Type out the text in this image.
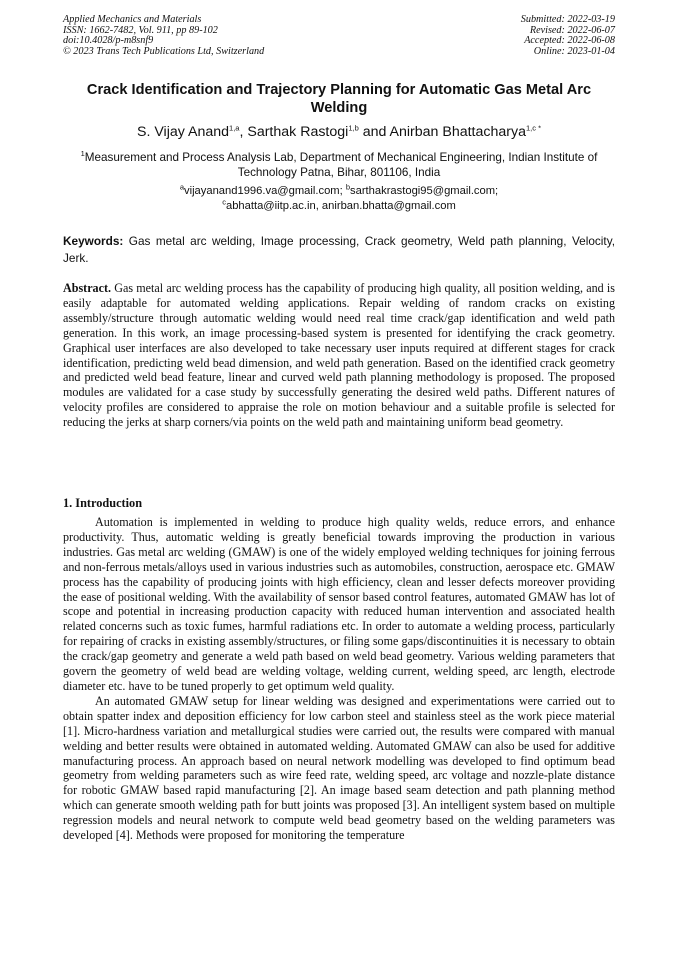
Applied Mechanics and Materials
ISSN: 1662-7482, Vol. 911, pp 89-102
doi:10.4028/p-m8snf9
© 2023 Trans Tech Publications Ltd, Switzerland
Submitted: 2022-03-19
Revised: 2022-06-07
Accepted: 2022-06-08
Online: 2023-01-04
Crack Identification and Trajectory Planning for Automatic Gas Metal Arc Welding
S. Vijay Anand$^{1,a}$, Sarthak Rastogi$^{1,b}$ and Anirban Bhattacharya$^{1,c *}$
$^1$Measurement and Process Analysis Lab, Department of Mechanical Engineering, Indian Institute of Technology Patna, Bihar, 801106, India
$^a$vijayanand1996.va@gmail.com; $^b$sarthakrastogi95@gmail.com;
$^c$abhatta@iitp.ac.in, anirban.bhatta@gmail.com
Keywords: Gas metal arc welding, Image processing, Crack geometry, Weld path planning, Velocity, Jerk.
Abstract. Gas metal arc welding process has the capability of producing high quality, all position welding, and is easily adaptable for automated welding applications. Repair welding of random cracks on existing assembly/structure through automatic welding would need real time crack/gap identification and weld path generation. In this work, an image processing-based system is presented for identifying the crack geometry. Graphical user interfaces are also developed to take necessary user inputs required at different stages for crack identification, predicting weld bead dimension, and weld path generation. Based on the identified crack geometry and predicted weld bead feature, linear and curved weld path planning methodology is proposed. The proposed modules are validated for a case study by successfully generating the desired weld paths. Different natures of velocity profiles are considered to appraise the role on motion behaviour and a suitable profile is selected for reducing the jerks at sharp corners/via points on the weld path and maintaining uniform bead geometry.
1. Introduction

Automation is implemented in welding to produce high quality welds, reduce errors, and enhance productivity. Thus, automatic welding is greatly beneficial towards improving the production in various industries. Gas metal arc welding (GMAW) is one of the widely employed welding techniques for joining ferrous and non-ferrous metals/alloys used in various industries such as automobiles, construction, aerospace etc. GMAW process has the capability of producing joints with high efficiency, clean and lesser defects moreover providing the ease of positional welding. With the availability of sensor based control features, automated GMAW has lot of scope and potential in increasing production capacity with reduced human intervention and associated health related concerns such as toxic fumes, harmful radiations etc. In order to automate a welding process, particularly for repairing of cracks in existing assembly/structures, or filing some gaps/discontinuities it is necessary to obtain the crack/gap geometry and generate a weld path based on weld bead geometry. Various welding parameters that govern the geometry of weld bead are welding voltage, welding current, welding speed, arc length, electrode diameter etc. have to be tuned properly to get optimum weld quality.

An automated GMAW setup for linear welding was designed and experimentations were carried out to obtain spatter index and deposition efficiency for low carbon steel and stainless steel as the work piece material [1]. Micro-hardness variation and metallurgical studies were carried out, the results were compared with manual welding and better results were obtained in automated welding. Automated GMAW can also be used for additive manufacturing process. An approach based on neural network modelling was developed to find optimum bead geometry from welding parameters such as wire feed rate, welding speed, arc voltage and nozzle-plate distance for robotic GMAW based rapid manufacturing [2]. An image based seam detection and path planning method which can generate smooth welding path for butt joints was proposed [3]. An intelligent system based on multiple regression models and neural network to compute weld bead geometry based on the welding parameters was developed [4]. Methods were proposed for monitoring the temperature
